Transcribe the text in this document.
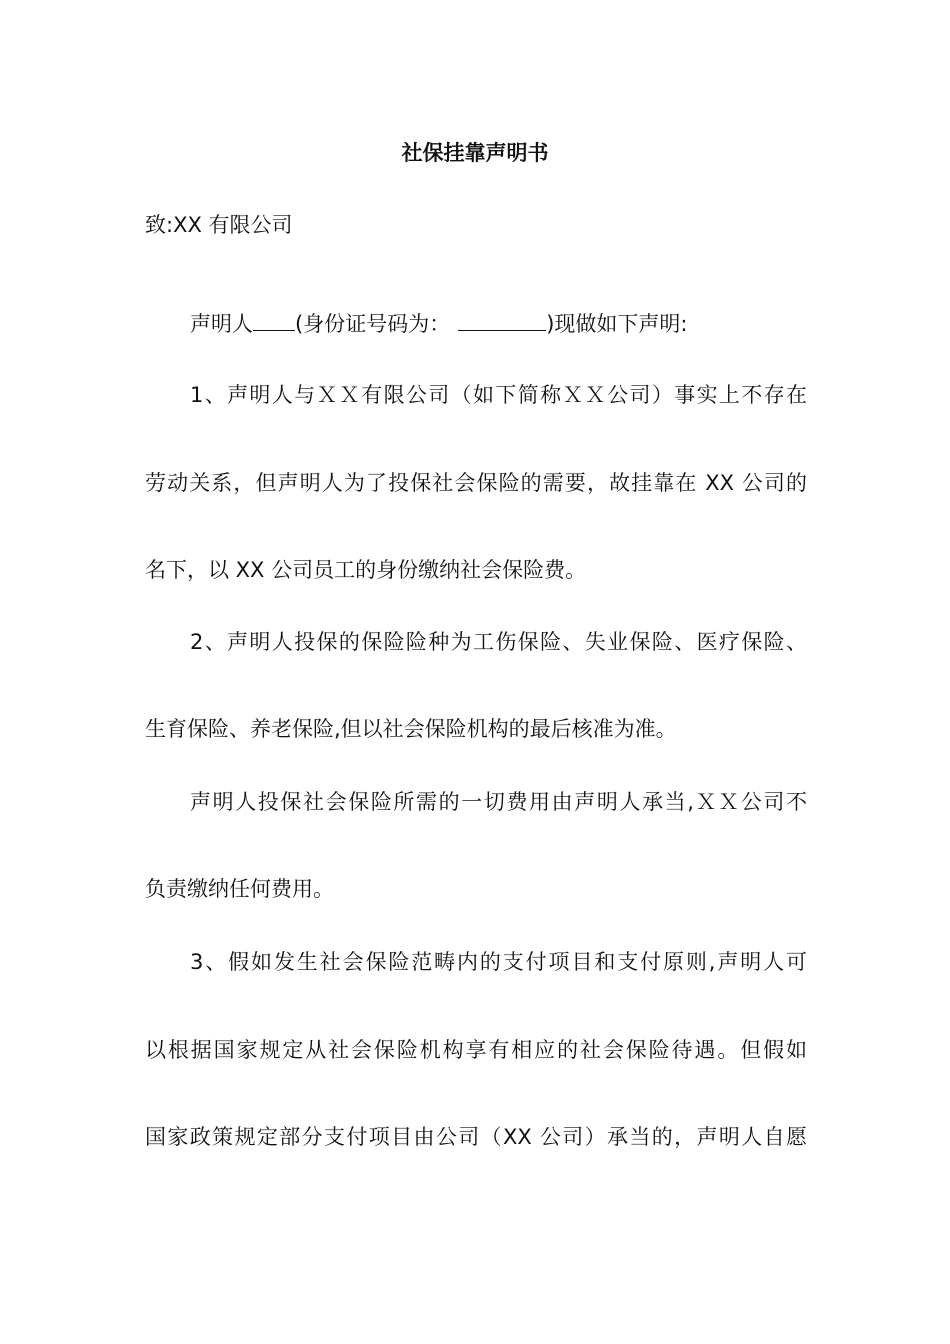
社保挂靠声明书
致:XX 有限公司
声明人 (身份证号码为：	)现做如下声明:
1、声明人与ＸＸ有限公司（如下简称ＸＸ公司）事实上不存在
劳动关系，但声明人为了投保社会保险的需要，故挂靠在 XX 公司的
名下，以 XX 公司员工的身份缴纳社会保险费。
2、声明人投保的保险险种为工伤保险、失业保险、医疗保险、
生育保险、养老保险,但以社会保险机构的最后核准为准。
声明人投保社会保险所需的一切费用由声明人承当,ＸＸ公司不
负责缴纳任何费用。
3、假如发生社会保险范畴内的支付项目和支付原则,声明人可
以根据国家规定从社会保险机构享有相应的社会保险待遇。但假如
国家政策规定部分支付项目由公司（XX 公司）承当的，声明人自愿
